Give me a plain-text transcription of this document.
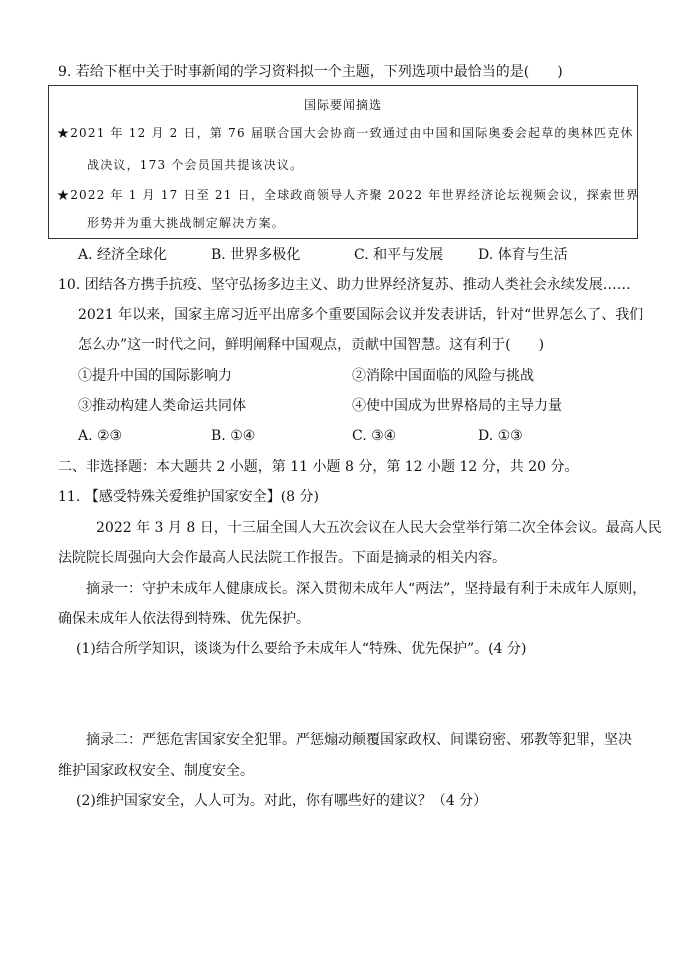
9. 若给下框中关于时事新闻的学习资料拟一个主题，下列选项中最恰当的是(　　)
国际要闻摘选
★2021 年 12 月 2 日，第 76 届联合国大会协商一致通过由中国和国际奥委会起草的奥林匹克休
战决议，173 个会员国共提该决议。
★2022 年 1 月 17 日至 21 日，全球政商领导人齐聚 2022 年世界经济论坛视频会议，探索世界
形势并为重大挑战制定解决方案。
A. 经济全球化	B. 世界多极化	C. 和平与发展 D. 体育与生活
10. 团结各方携手抗疫、坚守弘扬多边主义、助力世界经济复苏、推动人类社会永续发展……
2021 年以来，国家主席习近平出席多个重要国际会议并发表讲话，针对“世界怎么了、我们
怎么办”这一时代之问，鲜明阐释中国观点，贡献中国智慧。这有利于(　　)
①提升中国的国际影响力	②消除中国面临的风险与挑战
③推动构建人类命运共同体	④使中国成为世界格局的主导力量
A. ②③	B. ①④	C. ③④	D. ①③
二、非选择题：本大题共 2 小题，第 11 小题 8 分，第 12 小题 12 分，共 20 分。
11. 【感受特殊关爱维护国家安全】(8 分)
2022 年 3 月 8 日，十三届全国人大五次会议在人民大会堂举行第二次全体会议。最高人民
法院院长周强向大会作最高人民法院工作报告。下面是摘录的相关内容。
摘录一：守护未成年人健康成长。深入贯彻未成年人“两法”，坚持最有利于未成年人原则，
确保未成年人依法得到特殊、优先保护。
(1)结合所学知识，谈谈为什么要给予未成年人“特殊、优先保护”。(4 分)
摘录二：严惩危害国家安全犯罪。严惩煽动颠覆国家政权、间谍窃密、邪教等犯罪，坚决
维护国家政权安全、制度安全。
(2)维护国家安全，人人可为。对此，你有哪些好的建议？（4 分）
